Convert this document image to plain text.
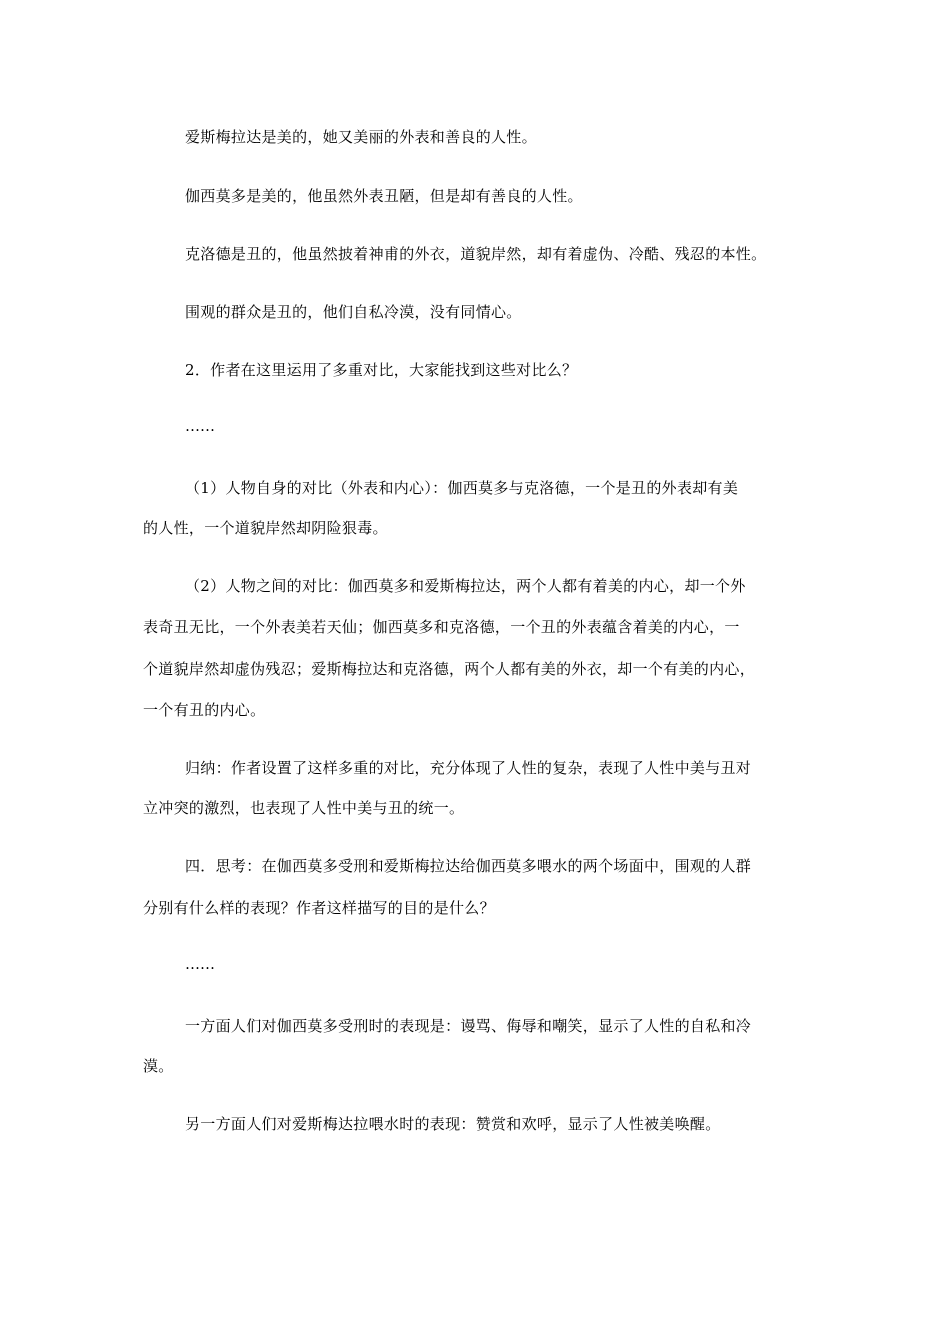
爱斯梅拉达是美的，她又美丽的外表和善良的人性。
伽西莫多是美的，他虽然外表丑陋，但是却有善良的人性。
克洛德是丑的，他虽然披着神甫的外衣，道貌岸然，却有着虚伪、冷酷、残忍的本性。
围观的群众是丑的，他们自私冷漠，没有同情心。
2．作者在这里运用了多重对比，大家能找到这些对比么？
……
（1）人物自身的对比（外表和内心）：伽西莫多与克洛德，一个是丑的外表却有美
的人性，一个道貌岸然却阴险狠毒。
（2）人物之间的对比：伽西莫多和爱斯梅拉达，两个人都有着美的内心，却一个外
表奇丑无比，一个外表美若天仙；伽西莫多和克洛德，一个丑的外表蕴含着美的内心，一
个道貌岸然却虚伪残忍；爱斯梅拉达和克洛德，两个人都有美的外衣，却一个有美的内心，
一个有丑的内心。
归纳：作者设置了这样多重的对比，充分体现了人性的复杂，表现了人性中美与丑对
立冲突的激烈，也表现了人性中美与丑的统一。
四．思考：在伽西莫多受刑和爱斯梅拉达给伽西莫多喂水的两个场面中，围观的人群
分别有什么样的表现？作者这样描写的目的是什么？
……
一方面人们对伽西莫多受刑时的表现是：谩骂、侮辱和嘲笑，显示了人性的自私和冷
漠。
另一方面人们对爱斯梅达拉喂水时的表现：赞赏和欢呼，显示了人性被美唤醒。
